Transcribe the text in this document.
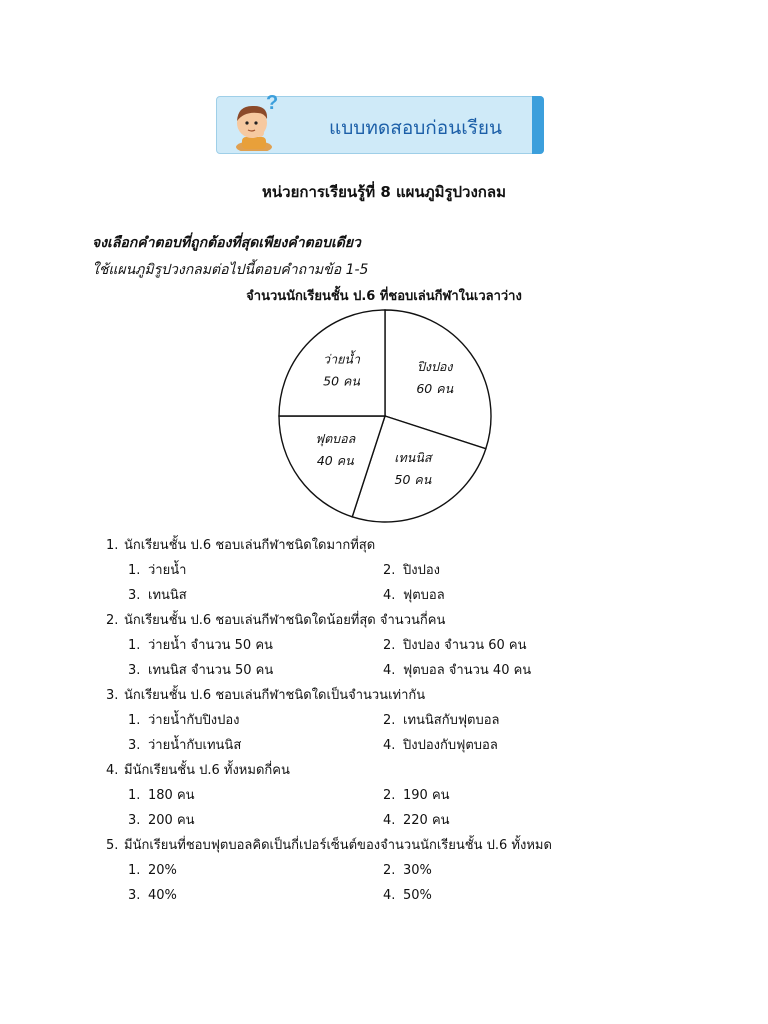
แบบทดสอบก่อนเรียน
?
หน่วยการเรียนรู้ที่ 8 แผนภูมิรูปวงกลม
จงเลือกคำตอบที่ถูกต้องที่สุดเพียงคำตอบเดียว
ใช้แผนภูมิรูปวงกลมต่อไปนี้ตอบคำถามข้อ 1-5
จำนวนนักเรียนชั้น ป.6 ที่ชอบเล่นกีฬาในเวลาว่าง
ปิงปอง
60 คน
เทนนิส
50 คน
ฟุตบอล
40 คน
ว่ายน้ำ
50 คน
1. นักเรียนชั้น ป.6 ชอบเล่นกีฬาชนิดใดมากที่สุด
1. ว่ายน้ำ	2. ปิงปอง
3. เทนนิส	4. ฟุตบอล
2. นักเรียนชั้น ป.6 ชอบเล่นกีฬาชนิดใดน้อยที่สุด จำนวนกี่คน
1. ว่ายน้ำ จำนวน 50 คน	2. ปิงปอง จำนวน 60 คน
3. เทนนิส จำนวน 50 คน	4. ฟุตบอล จำนวน 40 คน
3. นักเรียนชั้น ป.6 ชอบเล่นกีฬาชนิดใดเป็นจำนวนเท่ากัน
1. ว่ายน้ำกับปิงปอง	2. เทนนิสกับฟุตบอล
3. ว่ายน้ำกับเทนนิส	4. ปิงปองกับฟุตบอล
4. มีนักเรียนชั้น ป.6 ทั้งหมดกี่คน
1. 180 คน	2. 190 คน
3. 200 คน	4. 220 คน
5. มีนักเรียนที่ชอบฟุตบอลคิดเป็นกี่เปอร์เซ็นต์ของจำนวนนักเรียนชั้น ป.6 ทั้งหมด
1. 20%	2. 30%
3. 40%	4. 50%
